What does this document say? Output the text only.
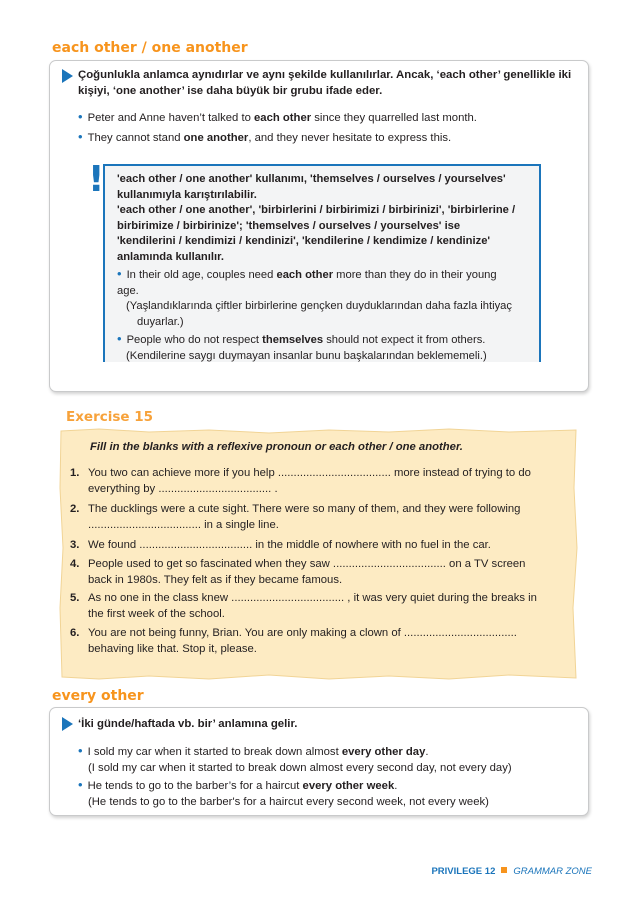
each other / one another
Çoğunlukla anlamca aynıdırlar ve aynı şekilde kullanılırlar. Ancak, ‘each other’ genellikle iki
kişiyi, ‘one another’ ise daha büyük bir grubu ifade eder.
• Peter and Anne haven’t talked to each other since they quarrelled last month.
• They cannot stand one another, and they never hesitate to express this.
! 'each other / one another' kullanımı, 'themselves / ourselves / yourselves'
kullanımıyla karıştırılabilir.
'each other / one another', 'birbirlerini / birbirimizi / birbirinizi', 'birbirlerine /
birbirimize / birbirinize'; 'themselves / ourselves / yourselves' ise
'kendilerini / kendimizi / kendinizi', 'kendilerine / kendimize / kendinize'
anlamında kullanılır.
• In their old age, couples need each other more than they do in their young
age.
(Yaşlandıklarında çiftler birbirlerine gençken duyduklarından daha fazla ihtiyaç
duyarlar.)
• People who do not respect themselves should not expect it from others.
(Kendilerine saygı duymayan insanlar bunu başkalarından beklememeli.)
Exercise 15
Fill in the blanks with a reflexive pronoun or each other / one another.
1. You two can achieve more if you help .................................... more instead of trying to do
everything by .................................... .
2. The ducklings were a cute sight. There were so many of them, and they were following
.................................... in a single line.
3. We found .................................... in the middle of nowhere with no fuel in the car.
4. People used to get so fascinated when they saw .................................... on a TV screen
back in 1980s. They felt as if they became famous.
5. As no one in the class knew .................................... , it was very quiet during the breaks in
the first week of the school.
6. You are not being funny, Brian. You are only making a clown of ....................................
behaving like that. Stop it, please.
every other
‘İki günde/haftada vb. bir’ anlamına gelir.
• I sold my car when it started to break down almost every other day.
(I sold my car when it started to break down almost every second day, not every day)
• He tends to go to the barber’s for a haircut every other week.
(He tends to go to the barber's for a haircut every second week, not every week)
PRIVILEGE 12 GRAMMAR ZONE
